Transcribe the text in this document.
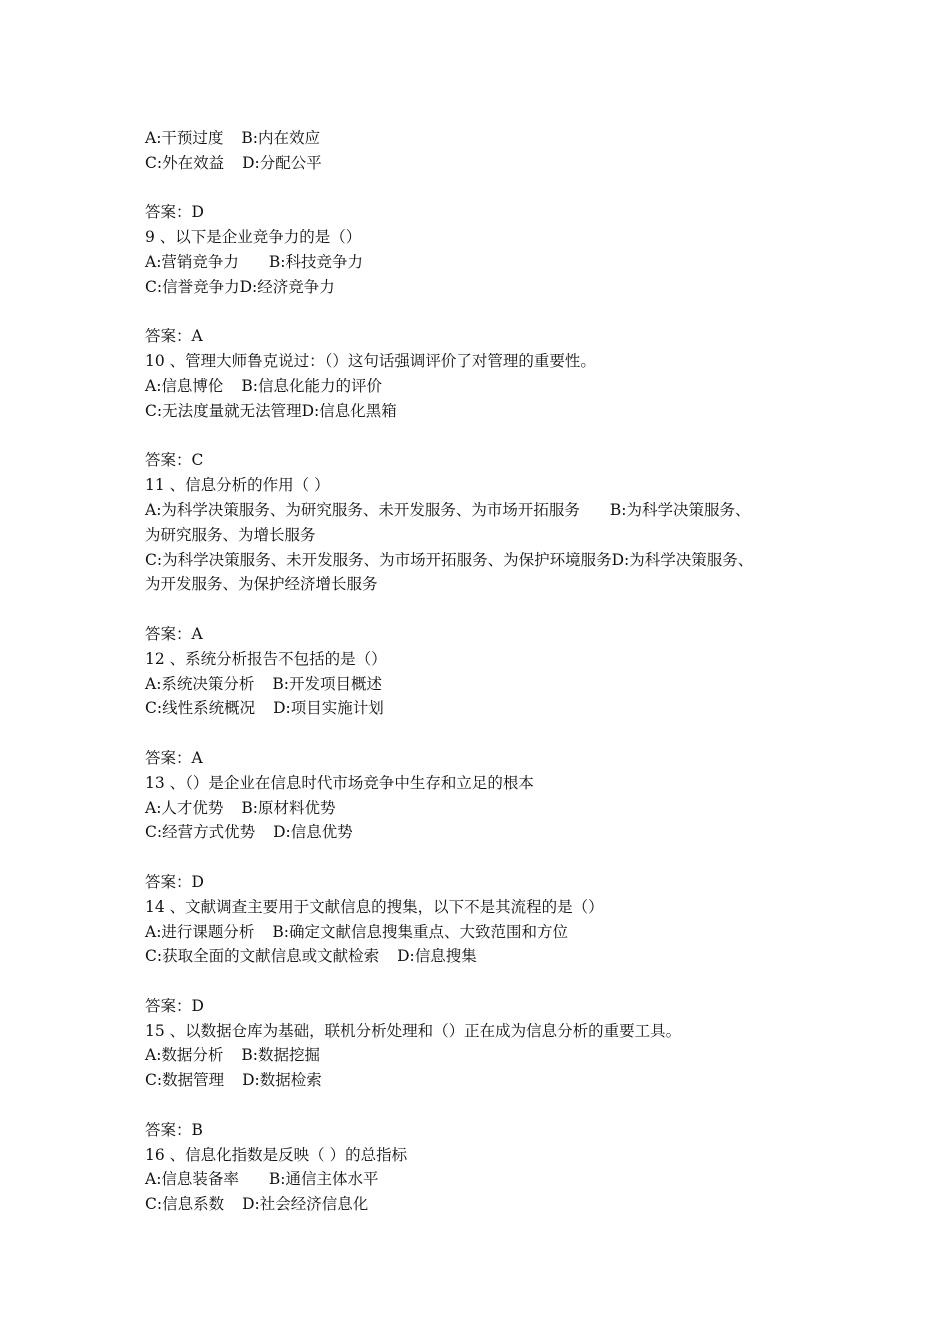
A:干预过度 B:内在效应
C:外在效益 D:分配公平
答案：D
9 、以下是企业竞争力的是（）
A:营销竞争力 B:科技竞争力
C:信誉竞争力D:经济竞争力
答案：A
10 、管理大师鲁克说过：（）这句话强调评价了对管理的重要性。
A:信息博伦 B:信息化能力的评价
C:无法度量就无法管理D:信息化黑箱
答案：C
11 、信息分析的作用（ ）
A:为科学决策服务、为研究服务、未开发服务、为市场开拓服务 B:为科学决策服务、
为研究服务、为增长服务
C:为科学决策服务、未开发服务、为市场开拓服务、为保护环境服务D:为科学决策服务、
为开发服务、为保护经济增长服务
答案：A
12 、系统分析报告不包括的是（）
A:系统决策分析 B:开发项目概述
C:线性系统概况 D:项目实施计划
答案：A
13 、（）是企业在信息时代市场竞争中生存和立足的根本
A:人才优势 B:原材料优势
C:经营方式优势 D:信息优势
答案：D
14 、文献调查主要用于文献信息的搜集，以下不是其流程的是（）
A:进行课题分析 B:确定文献信息搜集重点、大致范围和方位
C:获取全面的文献信息或文献检索 D:信息搜集
答案：D
15 、以数据仓库为基础，联机分析处理和（）正在成为信息分析的重要工具。
A:数据分析 B:数据挖掘
C:数据管理 D:数据检索
答案：B
16 、信息化指数是反映（ ）的总指标
A:信息装备率 B:通信主体水平
C:信息系数 D:社会经济信息化
